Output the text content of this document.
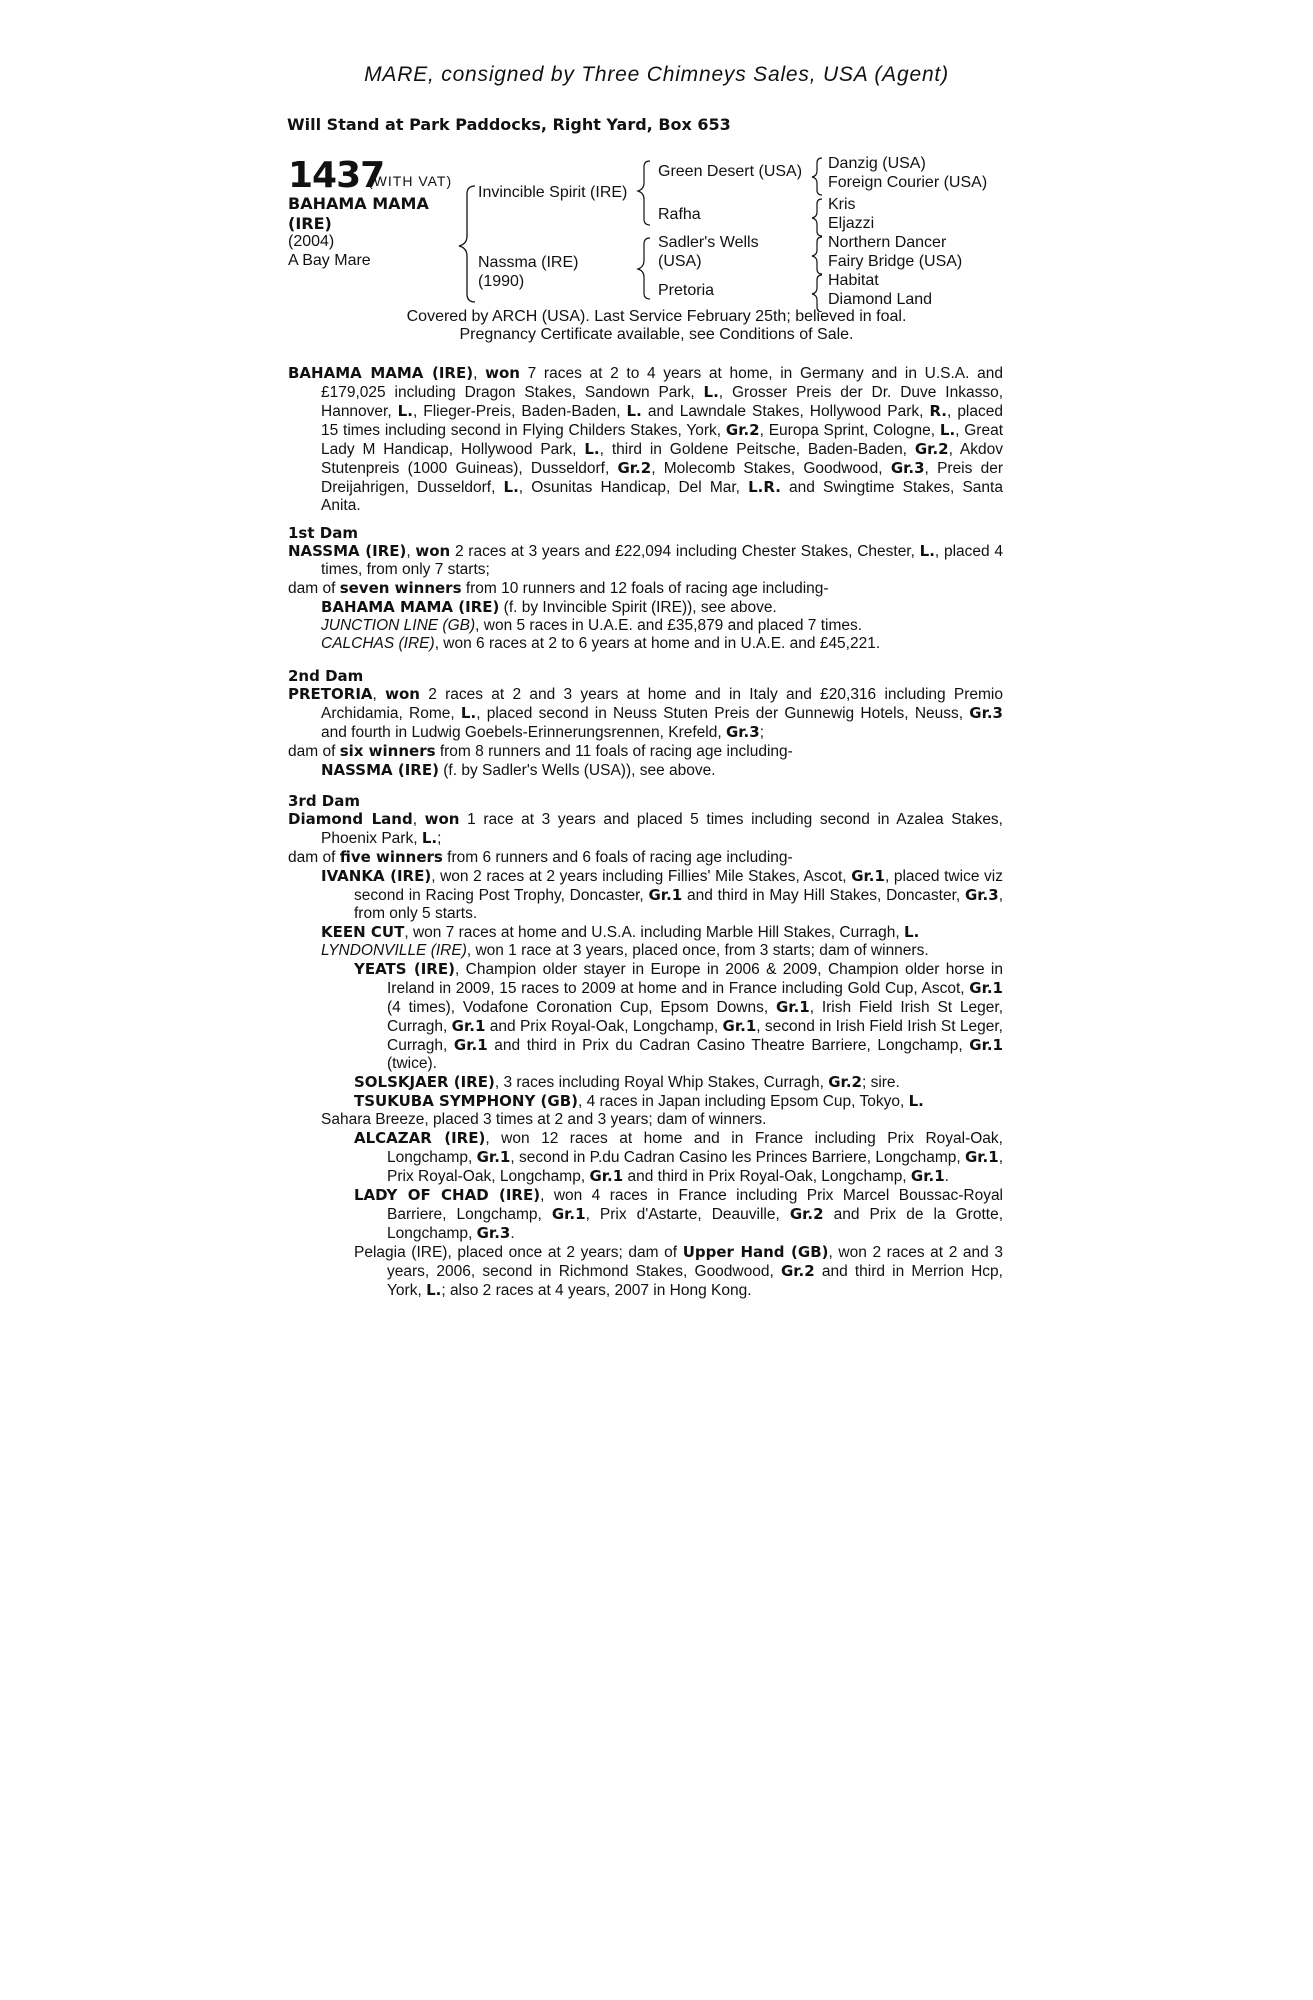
MARE, consigned by Three Chimneys Sales, USA (Agent)
Will Stand at Park Paddocks, Right Yard, Box 653
1437
(WITH VAT)
BAHAMA MAMA
(IRE)
(2004)
A Bay Mare
Invincible Spirit (IRE)
Nassma (IRE)
(1990)
Green Desert (USA)
Rafha
Sadler's Wells
(USA)
Pretoria
Danzig (USA)
Foreign Courier (USA)
Kris
Eljazzi
Northern Dancer
Fairy Bridge (USA)
Habitat
Diamond Land
Covered by ARCH (USA). Last Service February 25th; believed in foal.
Pregnancy Certificate available, see Conditions of Sale.

BAHAMA MAMA (IRE), won 7 races at 2 to 4 years at home, in Germany and in U.S.A. and £179,025 including Dragon Stakes, Sandown Park, L., Grosser Preis der Dr. Duve Inkasso, Hannover, L., Flieger-Preis, Baden-Baden, L. and Lawndale Stakes, Hollywood Park, R., placed 15 times including second in Flying Childers Stakes, York, Gr.2, Europa Sprint, Cologne, L., Great Lady M Handicap, Hollywood Park, L., third in Goldene Peitsche, Baden-Baden, Gr.2, Akdov Stutenpreis (1000 Guineas), Dusseldorf, Gr.2, Molecomb Stakes, Goodwood, Gr.3, Preis der Dreijahrigen, Dusseldorf, L., Osunitas Handicap, Del Mar, L.R. and Swingtime Stakes, Santa Anita.

1st Dam

NASSMA (IRE), won 2 races at 3 years and £22,094 including Chester Stakes, Chester, L., placed 4 times, from only 7 starts;

dam of seven winners from 10 runners and 12 foals of racing age including-

BAHAMA MAMA (IRE) (f. by Invincible Spirit (IRE)), see above.

JUNCTION LINE (GB), won 5 races in U.A.E. and £35,879 and placed 7 times.

CALCHAS (IRE), won 6 races at 2 to 6 years at home and in U.A.E. and £45,221.

2nd Dam

PRETORIA, won 2 races at 2 and 3 years at home and in Italy and £20,316 including Premio Archidamia, Rome, L., placed second in Neuss Stuten Preis der Gunnewig Hotels, Neuss, Gr.3 and fourth in Ludwig Goebels-Erinnerungsrennen, Krefeld, Gr.3;

dam of six winners from 8 runners and 11 foals of racing age including-

NASSMA (IRE) (f. by Sadler's Wells (USA)), see above.

3rd Dam

Diamond Land, won 1 race at 3 years and placed 5 times including second in Azalea Stakes, Phoenix Park, L.;

dam of five winners from 6 runners and 6 foals of racing age including-

IVANKA (IRE), won 2 races at 2 years including Fillies' Mile Stakes, Ascot, Gr.1, placed twice viz second in Racing Post Trophy, Doncaster, Gr.1 and third in May Hill Stakes, Doncaster, Gr.3, from only 5 starts.

KEEN CUT, won 7 races at home and U.S.A. including Marble Hill Stakes, Curragh, L.

LYNDONVILLE (IRE), won 1 race at 3 years, placed once, from 3 starts; dam of winners.

YEATS (IRE), Champion older stayer in Europe in 2006 & 2009, Champion older horse in Ireland in 2009, 15 races to 2009 at home and in France including Gold Cup, Ascot, Gr.1 (4 times), Vodafone Coronation Cup, Epsom Downs, Gr.1, Irish Field Irish St Leger, Curragh, Gr.1 and Prix Royal-Oak, Longchamp, Gr.1, second in Irish Field Irish St Leger, Curragh, Gr.1 and third in Prix du Cadran Casino Theatre Barriere, Longchamp, Gr.1 (twice).

SOLSKJAER (IRE), 3 races including Royal Whip Stakes, Curragh, Gr.2; sire.

TSUKUBA SYMPHONY (GB), 4 races in Japan including Epsom Cup, Tokyo, L.

Sahara Breeze, placed 3 times at 2 and 3 years; dam of winners.

ALCAZAR (IRE), won 12 races at home and in France including Prix Royal-Oak, Longchamp, Gr.1, second in P.du Cadran Casino les Princes Barriere, Longchamp, Gr.1, Prix Royal-Oak, Longchamp, Gr.1 and third in Prix Royal-Oak, Longchamp, Gr.1.

LADY OF CHAD (IRE), won 4 races in France including Prix Marcel Boussac-Royal Barriere, Longchamp, Gr.1, Prix d'Astarte, Deauville, Gr.2 and Prix de la Grotte, Longchamp, Gr.3.

Pelagia (IRE), placed once at 2 years; dam of Upper Hand (GB), won 2 races at 2 and 3 years, 2006, second in Richmond Stakes, Goodwood, Gr.2 and third in Merrion Hcp, York, L.; also 2 races at 4 years, 2007 in Hong Kong.
